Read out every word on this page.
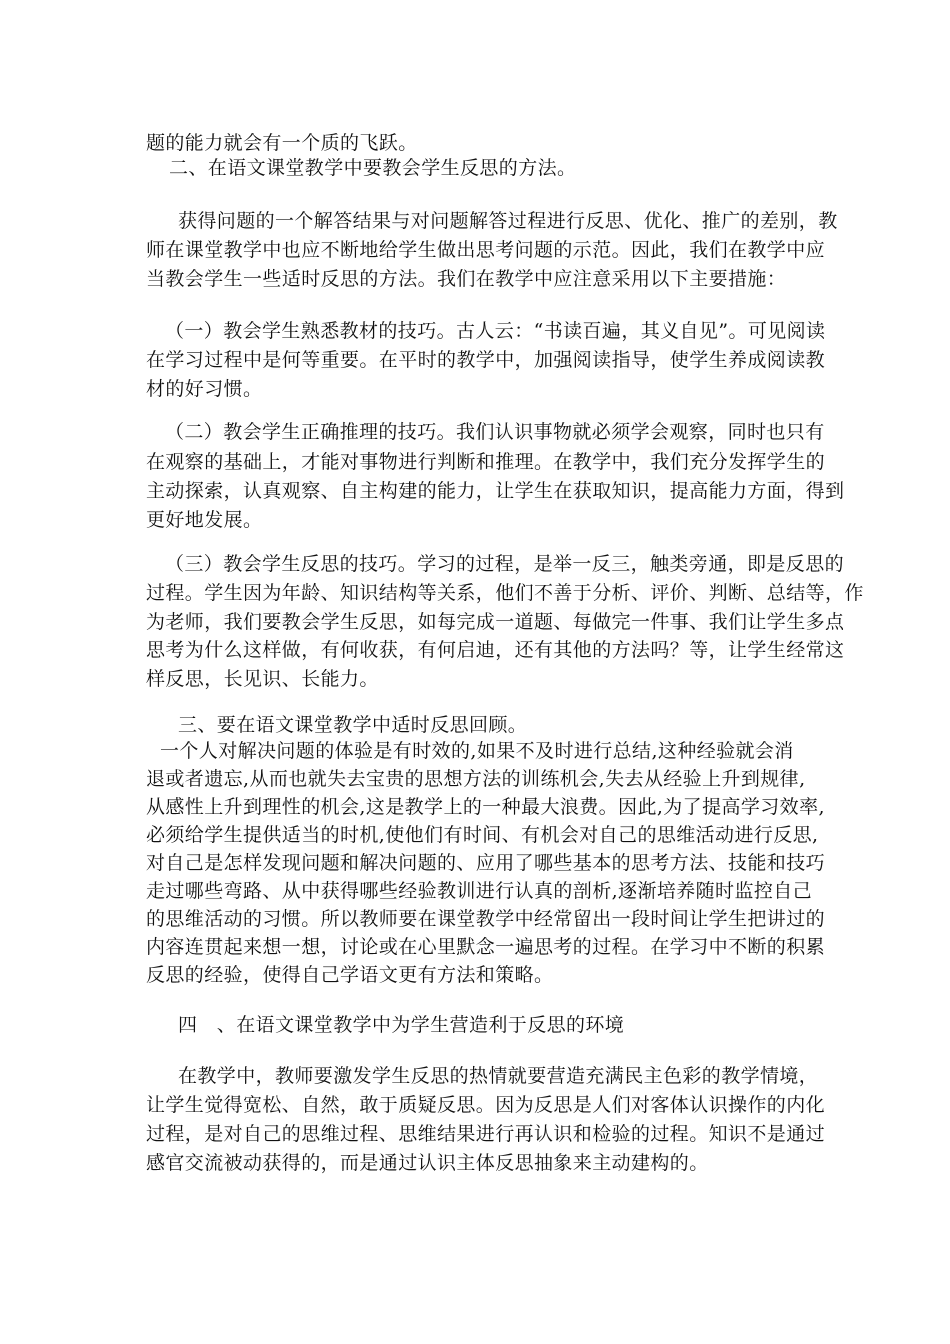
题的能力就会有一个质的飞跃。
二、在语文课堂教学中要教会学生反思的方法。
获得问题的一个解答结果与对问题解答过程进行反思、优化、推广的差别，教
师在课堂教学中也应不断地给学生做出思考问题的示范。因此，我们在教学中应
当教会学生一些适时反思的方法。我们在教学中应注意采用以下主要措施：
（一）教会学生熟悉教材的技巧。古人云：“书读百遍，其义自见”。可见阅读
在学习过程中是何等重要。在平时的教学中，加强阅读指导，使学生养成阅读教
材的好习惯。
（二）教会学生正确推理的技巧。我们认识事物就必须学会观察，同时也只有
在观察的基础上，才能对事物进行判断和推理。在教学中，我们充分发挥学生的
主动探索，认真观察、自主构建的能力，让学生在获取知识，提高能力方面，得到
更好地发展。
（三）教会学生反思的技巧。学习的过程，是举一反三，触类旁通，即是反思的
过程。学生因为年龄、知识结构等关系，他们不善于分析、评价、判断、总结等，作
为老师，我们要教会学生反思，如每完成一道题、每做完一件事、我们让学生多点
思考为什么这样做，有何收获，有何启迪，还有其他的方法吗？等，让学生经常这
样反思，长见识、长能力。
三、要在语文课堂教学中适时反思回顾。
一个人对解决问题的体验是有时效的,如果不及时进行总结,这种经验就会消
退或者遗忘,从而也就失去宝贵的思想方法的训练机会,失去从经验上升到规律,
从感性上升到理性的机会,这是教学上的一种最大浪费。因此,为了提高学习效率,
必须给学生提供适当的时机,使他们有时间、有机会对自己的思维活动进行反思,
对自己是怎样发现问题和解决问题的、应用了哪些基本的思考方法、技能和技巧
走过哪些弯路、从中获得哪些经验教训进行认真的剖析,逐渐培养随时监控自己
的思维活动的习惯。所以教师要在课堂教学中经常留出一段时间让学生把讲过的
内容连贯起来想一想，讨论或在心里默念一遍思考的过程。在学习中不断的积累
反思的经验，使得自己学语文更有方法和策略。
四　、在语文课堂教学中为学生营造利于反思的环境
在教学中，教师要激发学生反思的热情就要营造充满民主色彩的教学情境，
让学生觉得宽松、自然，敢于质疑反思。因为反思是人们对客体认识操作的内化
过程，是对自己的思维过程、思维结果进行再认识和检验的过程。知识不是通过
感官交流被动获得的，而是通过认识主体反思抽象来主动建构的。
